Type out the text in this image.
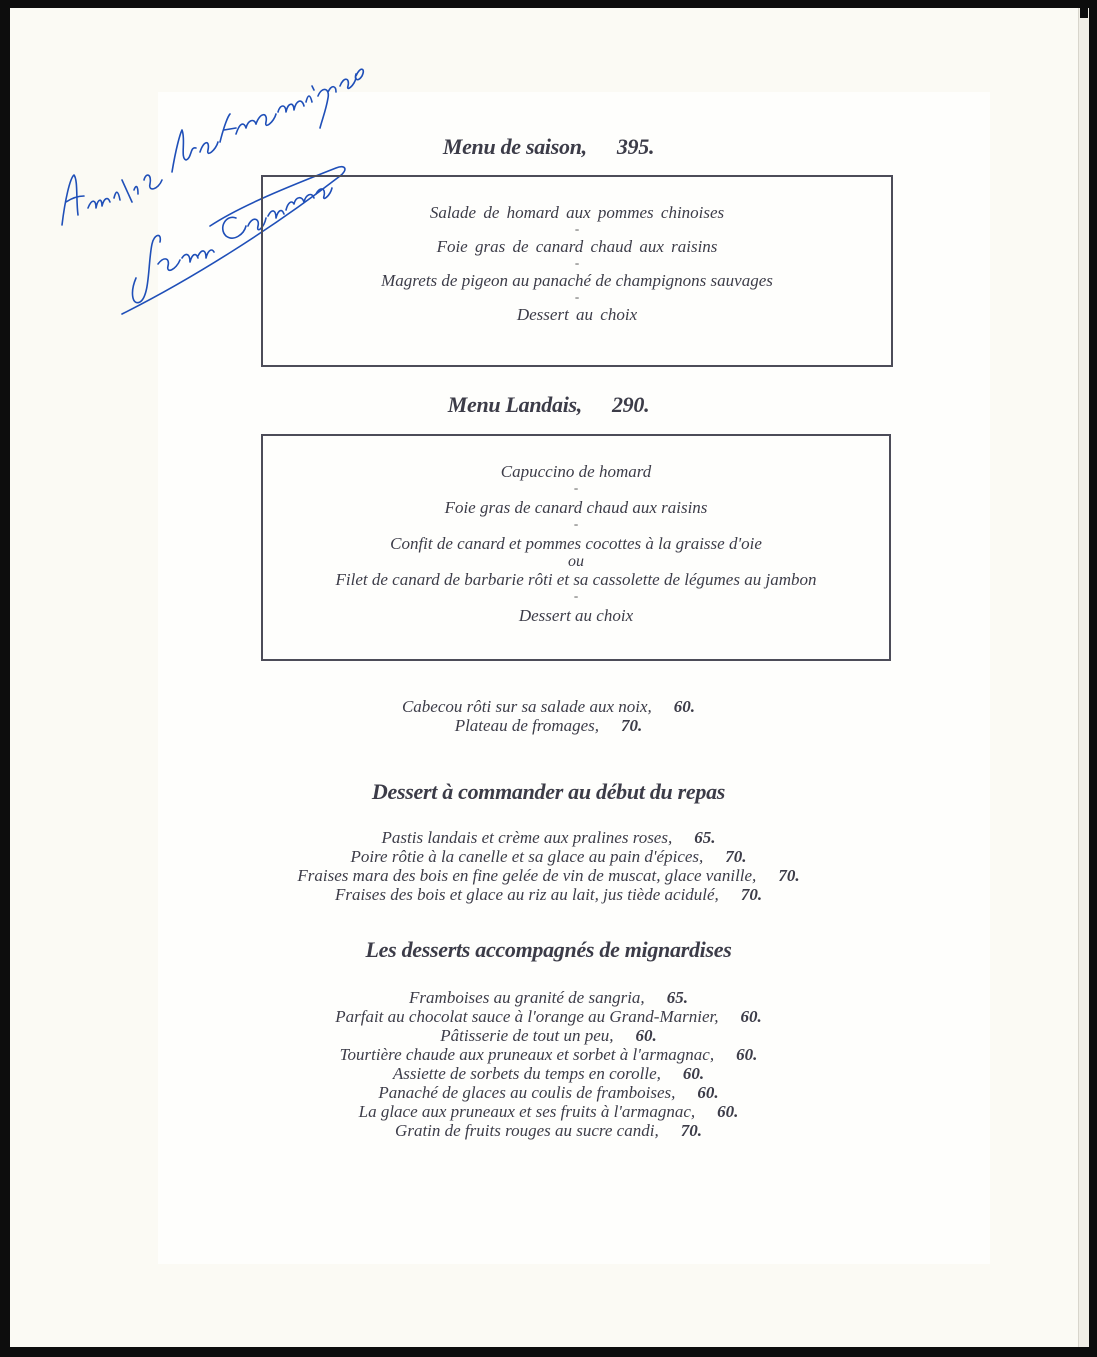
Menu de saison, 395.
Salade de homard aux pommes chinoises
-
Foie gras de canard chaud aux raisins
-
Magrets de pigeon au panaché de champignons sauvages
-
Dessert au choix
Menu Landais, 290.
Capuccino de homard
-
Foie gras de canard chaud aux raisins
-
Confit de canard et pommes cocottes à la graisse d'oie
ou
Filet de canard de barbarie rôti et sa cassolette de légumes au jambon
-
Dessert au choix
Cabecou rôti sur sa salade aux noix, 60.
Plateau de fromages, 70.
Dessert à commander au début du repas
Pastis landais et crème aux pralines roses, 65.
Poire rôtie à la canelle et sa glace au pain d'épices, 70.
Fraises mara des bois en fine gelée de vin de muscat, glace vanille, 70.
Fraises des bois et glace au riz au lait, jus tiède acidulé, 70.
Les desserts accompagnés de mignardises
Framboises au granité de sangria, 65.
Parfait au chocolat sauce à l'orange au Grand-Marnier, 60.
Pâtisserie de tout un peu, 60.
Tourtière chaude aux pruneaux et sorbet à l'armagnac, 60.
Assiette de sorbets du temps en corolle, 60.
Panaché de glaces au coulis de framboises, 60.
La glace aux pruneaux et ses fruits à l'armagnac, 60.
Gratin de fruits rouges au sucre candi, 70.
